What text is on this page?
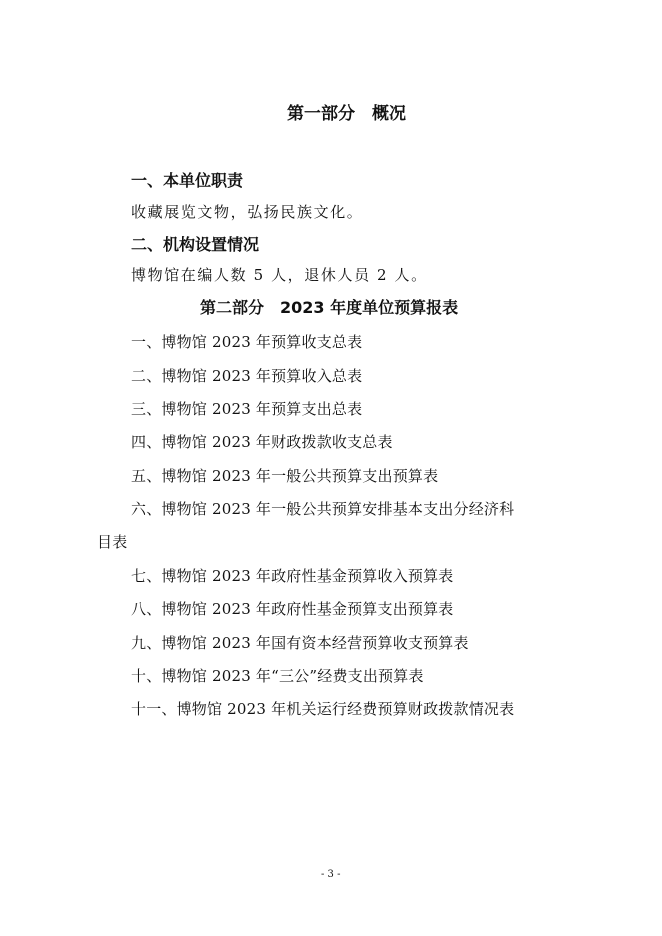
第一部分　概况
一、本单位职责
收藏展览文物，弘扬民族文化。
二、机构设置情况
博物馆在编人数 5 人，退休人员 2 人。
第二部分　2023 年度单位预算报表
一、博物馆 2023 年预算收支总表
二、博物馆 2023 年预算收入总表
三、博物馆 2023 年预算支出总表
四、博物馆 2023 年财政拨款收支总表
五、博物馆 2023 年一般公共预算支出预算表
六、博物馆 2023 年一般公共预算安排基本支出分经济科
目表
七、博物馆 2023 年政府性基金预算收入预算表
八、博物馆 2023 年政府性基金预算支出预算表
九、博物馆 2023 年国有资本经营预算收支预算表
十、博物馆 2023 年“三公”经费支出预算表
十一、博物馆 2023 年机关运行经费预算财政拨款情况表
- 3 -
